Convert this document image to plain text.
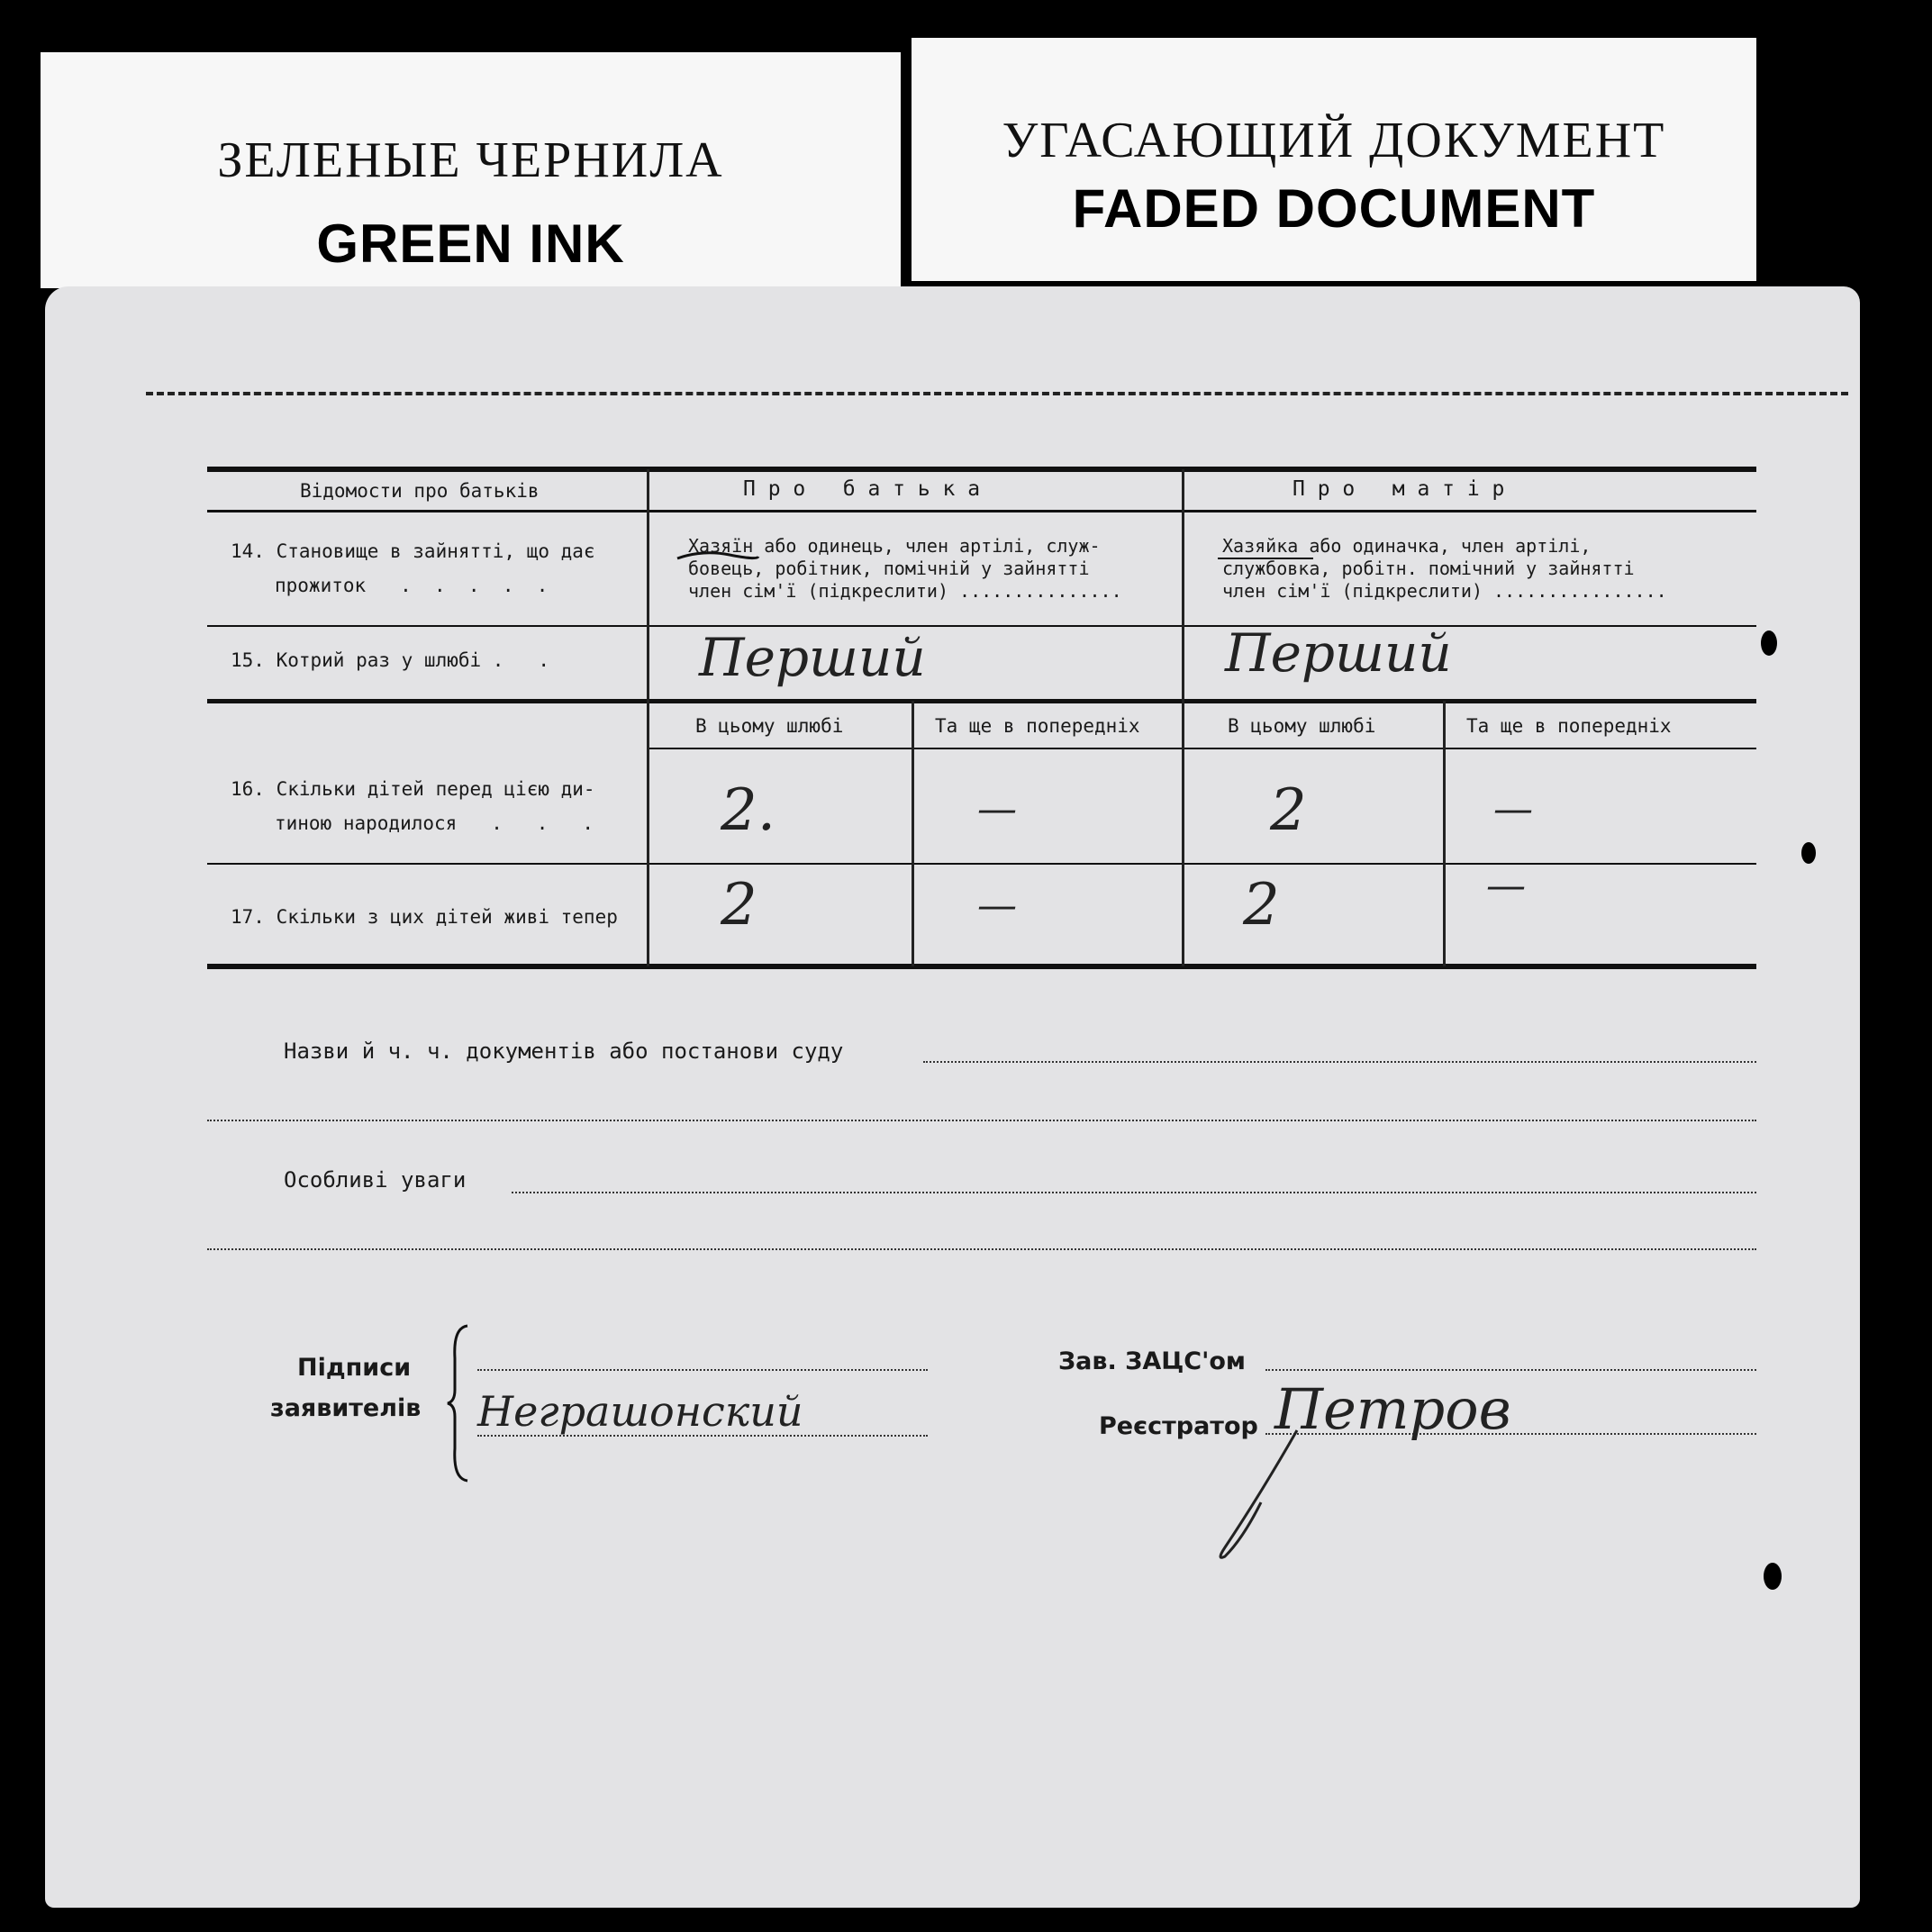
ЗЕЛЕНЫЕ ЧЕРНИЛА
GREEN INK
УГАСАЮЩИЙ ДОКУМЕНТ
FADED DOCUMENT
Відомости про батьків	П р о   б а т ь к а	П р о   м а т і р
14. Становище в зайнятті, що дає
прожиток   .  .  .  .  .
Хазяїн або одинець, член артілі, служ-
бовець, робітник, помічній у зайнятті
член сім'ї (підкреслити) ...............
Хазяйка або одиначка, член артілі,
службовка, робітн. помічний у зайнятті
член сім'ї (підкреслити) ................
15. Котрий раз у шлюбі .   .	Перший	Перший
В цьому шлюбі	Та ще в попередніх	В цьому шлюбі	Та ще в попередніх
16. Скільки дітей перед цією ди-
тиною народилося   .   .   . 2.	—	2	—
17. Скільки з цих дітей живі тепер 2	—	2	—
Назви й ч. ч. документів або постанови суду
Особливі уваги
Підписи
заявителів Неграшонский
Зав. ЗАЦС'ом
Реєстратор Петров
